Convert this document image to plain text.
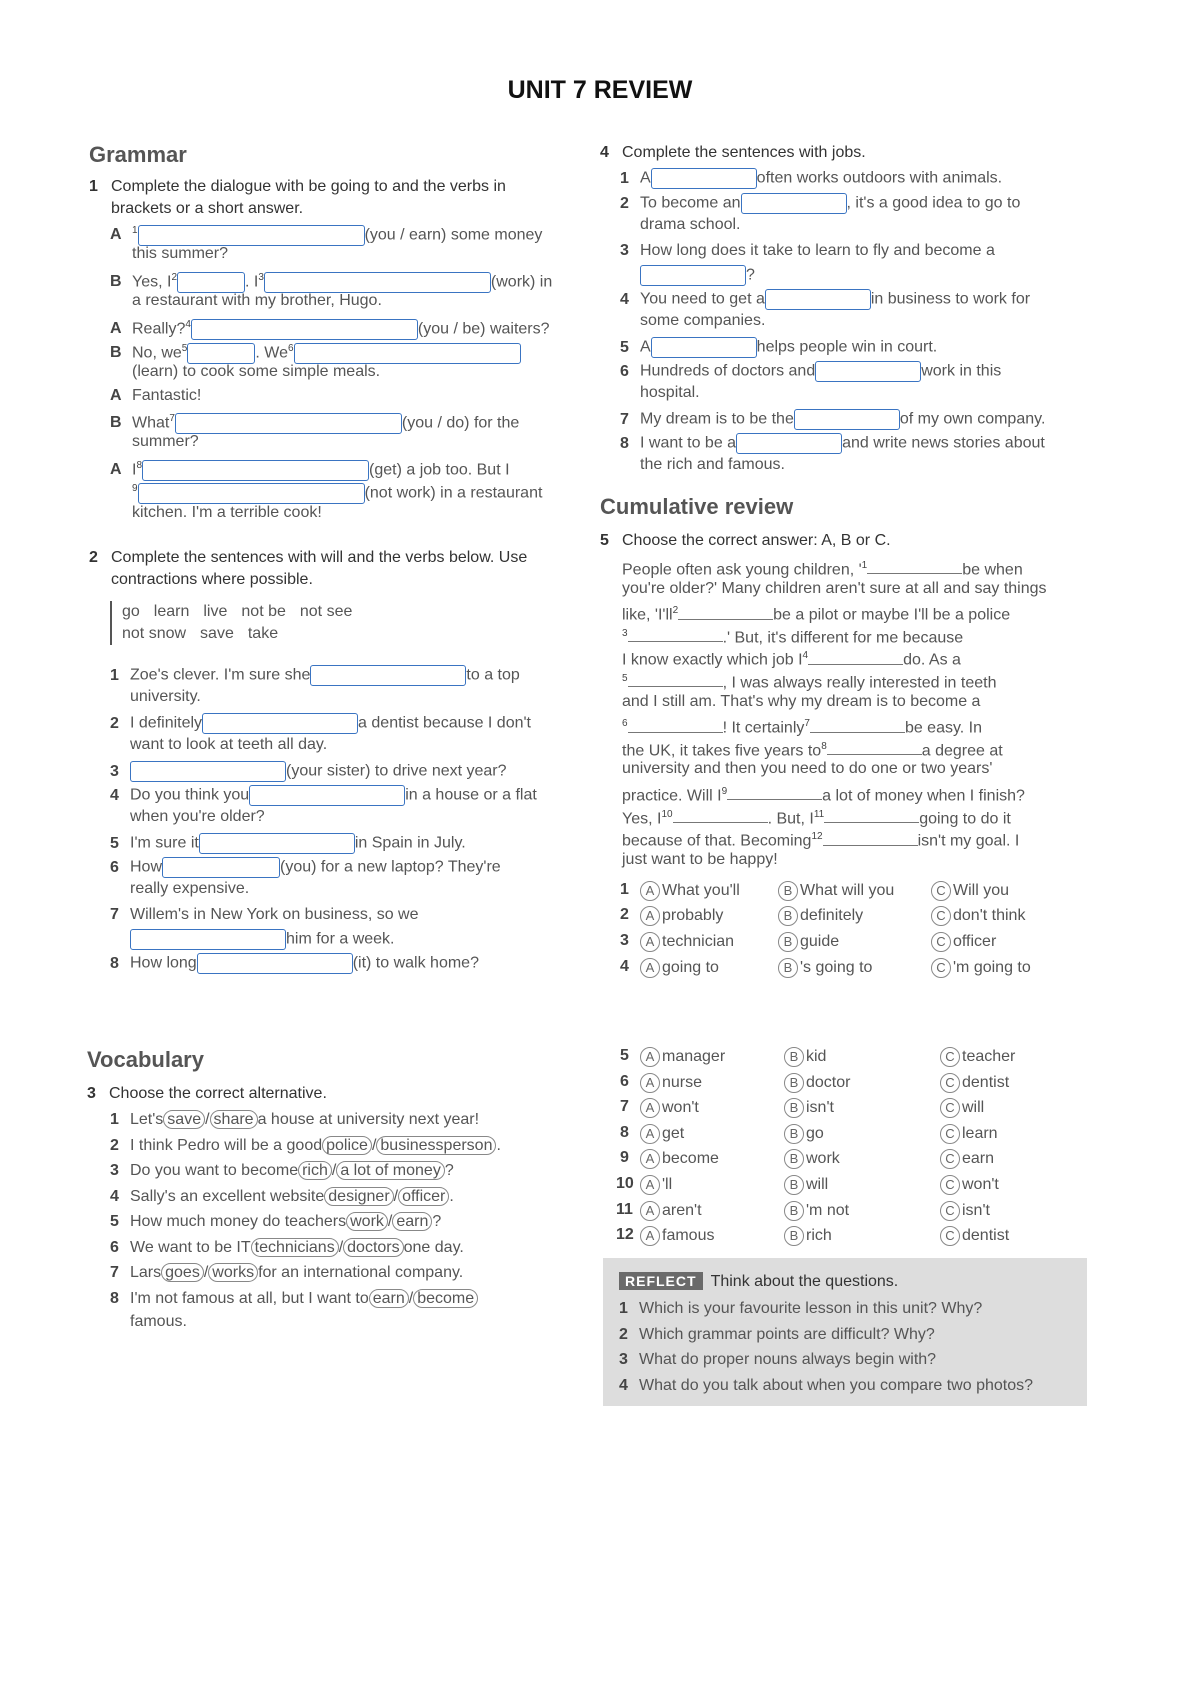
UNIT 7 REVIEW
Grammar
1 Complete the dialogue with be going to and the verbs in brackets or a short answer.
A $^1$	(you / earn) some money
this summer?
B Yes, $I^2$	. $I^3$	(work) in
a restaurant with my brother, Hugo.
A Really?$^4$	(you / be) waiters?
B No, $we^5$	. We$^6$
(learn) to cook some simple meals.
A Fantastic!
B What$^7$	(you / do) for the
summer?
A $I^8$	(get) a job too. But I
$^9$	(not work) in a restaurant
kitchen. I'm a terrible cook!
2 Complete the sentences with will and the verbs below. Use contractions where possible.
go learn live not be not see
not snow save take
1 Zoe's clever. I'm sure she	to a top
university.
2 I definitely	a dentist because I don't
want to look at teeth all day.
3	(your sister) to drive next year?
4 Do you think you	in a house or a flat
when you're older?
5 I'm sure it	in Spain in July.
6 How	(you) for a new laptop? They're
really expensive.
7 Willem's in New York on business, so we
him for a week.
8 How long	(it) to walk home?
Vocabulary
3 Choose the correct alternative.
1 Let's save / share a house at university next year!
2 I think Pedro will be a good police / businessperson .
3 Do you want to become rich / a lot of money ?
4 Sally's an excellent website designer / officer .
5 How much money do teachers work / earn ?
6 We want to be IT technicians / doctors one day.
7 Lars goes / works for an international company.
8 I'm not famous at all, but I want to earn / become
famous.
4 Complete the sentences with jobs.
1 A	often works outdoors with animals.
2 To become an	, it's a good idea to go to
drama school.
3 How long does it take to learn to fly and become a
?
4 You need to get a	in business to work for
some companies.
5 A	helps people win in court.
6 Hundreds of doctors and	work in this
hospital.
7 My dream is to be the	of my own company.
8 I want to be a	and write news stories about
the rich and famous.
Cumulative review
5 Choose the correct answer: A, B or C.
People often ask young children, '$^1$	be when
you're older?' Many children aren't sure at all and say things
like, '$I'll^2$	be a pilot or maybe I'll be a police
$^3$	.' But, it's different for me because
I know exactly which job $I^4$	do. As a
$^5$	, I was always really interested in teeth
and I still am. That's why my dream is to become a
$^6$	! It certainly$^7$	be easy. In
the UK, it takes five years $to^8$	a degree at
university and then you need to do one or two years'
practice. Will $I^9$	a lot of money when I finish?
Yes, $I^{10}$	. But, $I^{11}$	going to do it
because of that. Becoming$^{12}$	isn't my goal. I
just want to be happy!
1	A What you'll	B What will you	C Will you
2	A probably	B definitely	C don't think
3	A technician	B guide	C officer
4	A going to	B 's going to	C 'm going to
5	A manager	B kid	C teacher
6	A nurse	B doctor	C dentist
7	A won't	B isn't	C will
8	A get	B go	C learn
9	A become	B work	C earn
10 A 'll	B will	C won't
11 A aren't	B 'm not	C isn't
12 A famous	B rich	C dentist
REFLECT Think about the questions.
1 Which is your favourite lesson in this unit? Why?
2 Which grammar points are difficult? Why?
3 What do proper nouns always begin with?
4 What do you talk about when you compare two photos?
